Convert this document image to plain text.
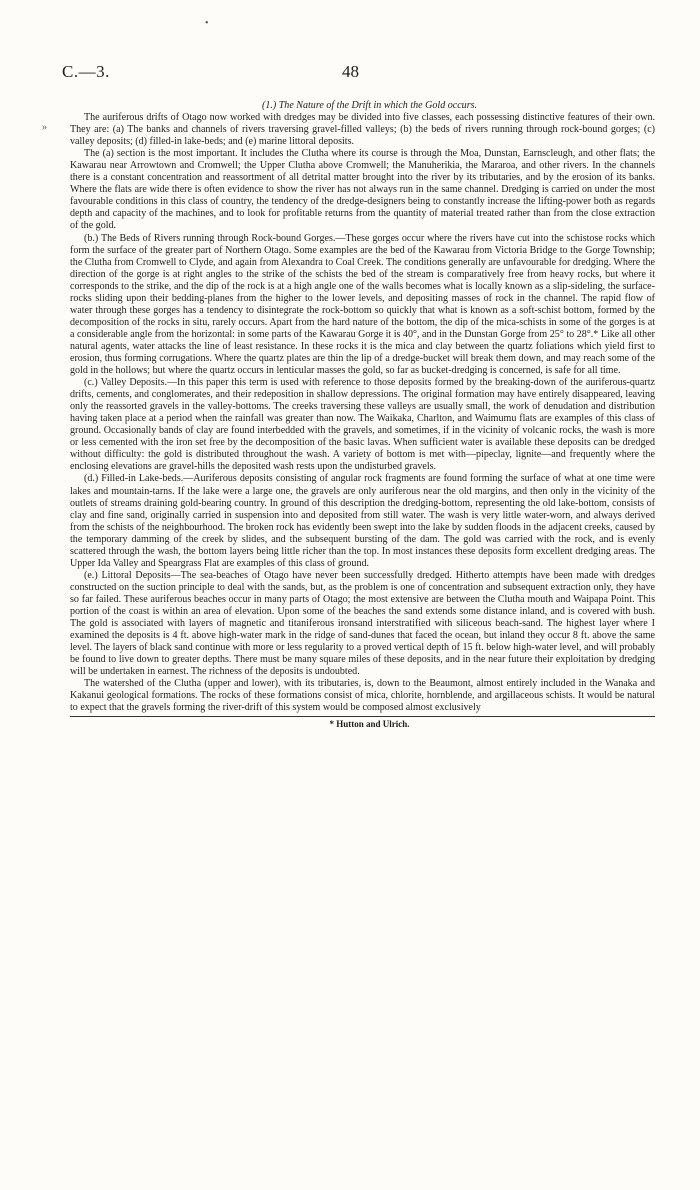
•
»
C.—3.	48

(1.) The Nature of the Drift in which the Gold occurs.

The auriferous drifts of Otago now worked with dredges may be divided into five classes, each possessing distinctive features of their own. They are: (a) The banks and channels of rivers traversing gravel-filled valleys; (b) the beds of rivers running through rock-bound gorges; (c) valley deposits; (d) filled-in lake-beds; and (e) marine littoral deposits.

The (a) section is the most important. It includes the Clutha where its course is through the Moa, Dunstan, Earnscleugh, and other flats; the Kawarau near Arrowtown and Cromwell; the Upper Clutha above Cromwell; the Manuherikia, the Mararoa, and other rivers. In the channels there is a constant concentration and reassortment of all detrital matter brought into the river by its tributaries, and by the erosion of its banks. Where the flats are wide there is often evidence to show the river has not always run in the same channel. Dredging is carried on under the most favourable conditions in this class of country, the tendency of the dredge-designers being to constantly increase the lifting-power both as regards depth and capacity of the machines, and to look for profitable returns from the quantity of material treated rather than from the close extraction of the gold.

(b.) The Beds of Rivers running through Rock-bound Gorges.—These gorges occur where the rivers have cut into the schistose rocks which form the surface of the greater part of Northern Otago. Some examples are the bed of the Kawarau from Victoria Bridge to the Gorge Township; the Clutha from Cromwell to Clyde, and again from Alexandra to Coal Creek. The conditions generally are unfavourable for dredging. Where the direction of the gorge is at right angles to the strike of the schists the bed of the stream is comparatively free from heavy rocks, but where it corresponds to the strike, and the dip of the rock is at a high angle one of the walls becomes what is locally known as a slip-sideling, the surface-rocks sliding upon their bedding-planes from the higher to the lower levels, and depositing masses of rock in the channel. The rapid flow of water through these gorges has a tendency to disintegrate the rock-bottom so quickly that what is known as a soft-schist bottom, formed by the decomposition of the rocks in situ, rarely occurs. Apart from the hard nature of the bottom, the dip of the mica-schists in some of the gorges is at a considerable angle from the horizontal: in some parts of the Kawarau Gorge it is 40°, and in the Dunstan Gorge from 25° to 28°.* Like all other natural agents, water attacks the line of least resistance. In these rocks it is the mica and clay between the quartz foliations which yield first to erosion, thus forming corrugations. Where the quartz plates are thin the lip of a dredge-bucket will break them down, and may reach some of the gold in the hollows; but where the quartz occurs in lenticular masses the gold, so far as bucket-dredging is concerned, is safe for all time.

(c.) Valley Deposits.—In this paper this term is used with reference to those deposits formed by the breaking-down of the auriferous-quartz drifts, cements, and conglomerates, and their redeposition in shallow depressions. The original formation may have entirely disappeared, leaving only the reassorted gravels in the valley-bottoms. The creeks traversing these valleys are usually small, the work of denudation and distribution having taken place at a period when the rainfall was greater than now. The Waikaka, Charlton, and Waimumu flats are examples of this class of ground. Occasionally bands of clay are found interbedded with the gravels, and sometimes, if in the vicinity of volcanic rocks, the wash is more or less cemented with the iron set free by the decomposition of the basic lavas. When sufficient water is available these deposits can be dredged without difficulty: the gold is distributed throughout the wash. A variety of bottom is met with—pipeclay, lignite—and frequently where the enclosing elevations are gravel-hills the deposited wash rests upon the undisturbed gravels.

(d.) Filled-in Lake-beds.—Auriferous deposits consisting of angular rock fragments are found forming the surface of what at one time were lakes and mountain-tarns. If the lake were a large one, the gravels are only auriferous near the old margins, and then only in the vicinity of the outlets of streams draining gold-bearing country. In ground of this description the dredging-bottom, representing the old lake-bottom, consists of clay and fine sand, originally carried in suspension into and deposited from still water. The wash is very little water-worn, and always derived from the schists of the neighbourhood. The broken rock has evidently been swept into the lake by sudden floods in the adjacent creeks, caused by the temporary damming of the creek by slides, and the subsequent bursting of the dam. The gold was carried with the rock, and is evenly scattered through the wash, the bottom layers being little richer than the top. In most instances these deposits form excellent dredging areas. The Upper Ida Valley and Speargrass Flat are examples of this class of ground.

(e.) Littoral Deposits—The sea-beaches of Otago have never been successfully dredged. Hitherto attempts have been made with dredges constructed on the suction principle to deal with the sands, but, as the problem is one of concentration and subsequent extraction only, they have so far failed. These auriferous beaches occur in many parts of Otago; the most extensive are between the Clutha mouth and Waipapa Point. This portion of the coast is within an area of elevation. Upon some of the beaches the sand extends some distance inland, and is covered with bush. The gold is associated with layers of magnetic and titaniferous ironsand interstratified with siliceous beach-sand. The highest layer where I examined the deposits is 4 ft. above high-water mark in the ridge of sand-dunes that faced the ocean, but inland they occur 8 ft. above the same level. The layers of black sand continue with more or less regularity to a proved vertical depth of 15 ft. below high-water level, and will probably be found to live down to greater depths. There must be many square miles of these deposits, and in the near future their exploitation by dredging will be undertaken in earnest. The richness of the deposits is undoubted.

The watershed of the Clutha (upper and lower), with its tributaries, is, down to the Beaumont, almost entirely included in the Wanaka and Kakanui geological formations. The rocks of these formations consist of mica, chlorite, hornblende, and argillaceous schists. It would be natural to expect that the gravels forming the river-drift of this system would be composed almost exclusively

* Hutton and Ulrich.
